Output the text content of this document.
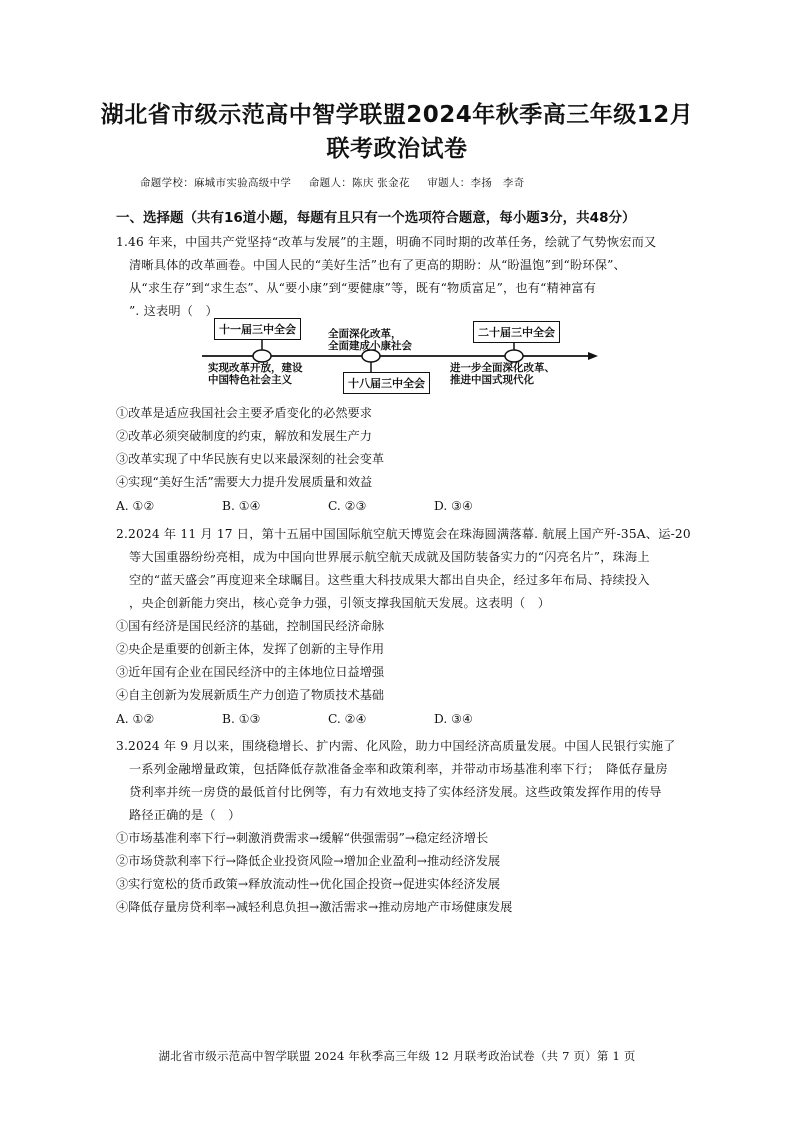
湖北省市级示范高中智学联盟2024年秋季高三年级12月
联考政治试卷
命题学校：麻城市实验高级中学 命题人：陈庆 张金花 审题人：李扬　李奇
一、选择题（共有16道小题，每题有且只有一个选项符合题意，每小题3分，共48分）
1.46 年来，中国共产党坚持“改革与发展”的主题，明确不同时期的改革任务，绘就了气势恢宏而又
清晰具体的改革画卷。中国人民的“美好生活”也有了更高的期盼：从“盼温饱”到“盼环保”、
从“求生存”到“求生态”、从“要小康”到“要健康”等，既有“物质富足”，也有“精神富有
”. 这表明（　）
十一届三中全会	二十届三中全会
十八届三中全会
全面深化改革，
全面建成小康社会
实现改革开放，建设
中国特色社会主义
进一步全面深化改革、
推进中国式现代化
①改革是适应我国社会主要矛盾变化的必然要求
②改革必须突破制度的约束，解放和发展生产力
③改革实现了中华民族有史以来最深刻的社会变革
④实现“美好生活”需要大力提升发展质量和效益
A. ①②	B. ①④	C. ②③	D. ③④
2.2024 年 11 月 17 日，第十五届中国国际航空航天博览会在珠海圆满落幕. 航展上国产歼-35A、运-20
等大国重器纷纷亮相，成为中国向世界展示航空航天成就及国防装备实力的“闪亮名片”，珠海上
空的“蓝天盛会”再度迎来全球瞩目。这些重大科技成果大都出自央企，经过多年布局、持续投入
，央企创新能力突出，核心竞争力强，引领支撑我国航天发展。这表明（　）
①国有经济是国民经济的基础，控制国民经济命脉
②央企是重要的创新主体，发挥了创新的主导作用
③近年国有企业在国民经济中的主体地位日益增强
④自主创新为发展新质生产力创造了物质技术基础
A. ①②	B. ①③	C. ②④	D. ③④
3.2024 年 9 月以来，围绕稳增长、扩内需、化风险，助力中国经济高质量发展。中国人民银行实施了
一系列金融增量政策，包括降低存款准备金率和政策利率，并带动市场基准利率下行；　降低存量房
贷利率并统一房贷的最低首付比例等，有力有效地支持了实体经济发展。这些政策发挥作用的传导
路径正确的是（　）
①市场基准利率下行→刺激消费需求→缓解“供强需弱”→稳定经济增长
②市场贷款利率下行→降低企业投资风险→增加企业盈利→推动经济发展
③实行宽松的货币政策→释放流动性→优化国企投资→促进实体经济发展
④降低存量房贷利率→减轻利息负担→激活需求→推动房地产市场健康发展
湖北省市级示范高中智学联盟 2024 年秋季高三年级 12 月联考政治试卷（共 7 页）第 1 页
